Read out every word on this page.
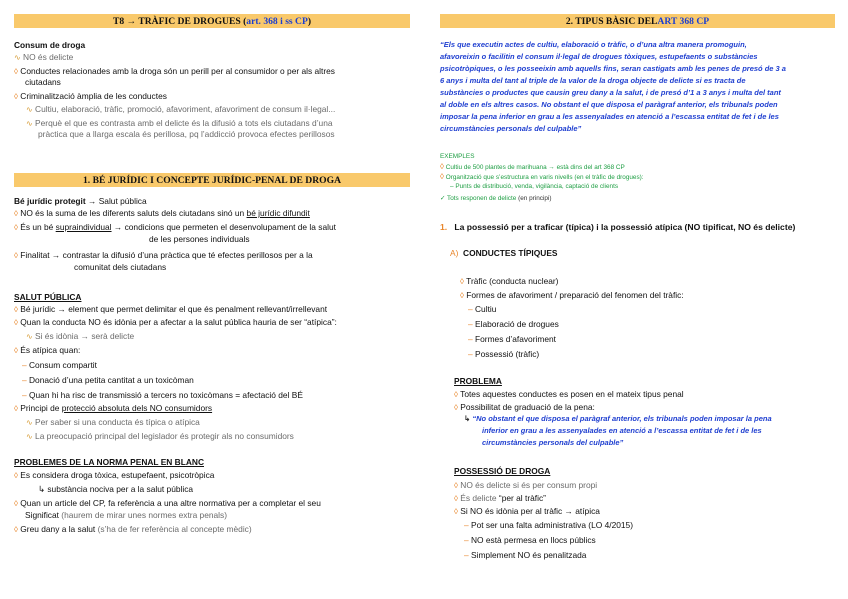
T8 → TRÀFIC DE DROGUES ( art. 368 i ss CP )
Consum de droga
∿ NO és delicte
◊ Conductes relacionades amb la droga són un perill per al consumidor o per als altres
ciutadans
◊ Criminalització àmplia de les conductes
∿ Cultiu, elaboració, tràfic, promoció, afavoriment, afavoriment de consum il·legal...
∿ Perquè el que es contrasta amb el delicte és la difusió a tots els ciutadans d’una
pràctica que a llarga escala és perillosa, pq l’addicció provoca efectes perillosos
1. BÉ JURÍDIC I CONCEPTE JURÍDIC-PENAL DE DROGA
Bé jurídic protegit → Salut pública
◊ NO és la suma de les diferents saluts dels ciutadans sinó un bé jurídic difundit
◊ És un bé supraindividual → condicions que permeten el desenvolupament de la salut
de les persones individuals
◊ Finalitat → contrastar la difusió d’una pràctica que té efectes perillosos per a la
comunitat dels ciutadans
SALUT PÚBLICA
◊ Bé jurídic → element que permet delimitar el que és penalment rellevant/irrellevant
◊ Quan la conducta NO és idònia per a afectar a la salut pública hauria de ser “atípica”:
∿ Si és idònia → serà delicte
◊ És atípica quan:
– Consum compartit
– Donació d’una petita cantitat a un toxicòman
– Quan hi ha risc de transmissió a tercers no toxicòmans = afectació del BÉ
◊ Principi de protecció absoluta dels NO consumidors
∿ Per saber si una conducta és típica o atípica
∿ La preocupació principal del legislador és protegir als no consumidors
PROBLEMES DE LA NORMA PENAL EN BLANC
◊ Es considera droga tòxica, estupefaent, psicotròpica
↳ substància nociva per a la salut pública
◊ Quan un article del CP, fa referència a una altre normativa per a completar el seu
Significat (haurem de mirar unes normes extra penals)
◊ Greu dany a la salut (s’ha de fer referència al concepte mèdic)
2. TIPUS BÀSIC DEL ART 368 CP
“Els que executin actes de cultiu, elaboració o tràfic, o d’una altra manera promoguin,
afavoreixin o facilitin el consum il·legal de drogues tòxiques, estupefaents o substàncies
psicotròpiques, o les posseeixin amb aquells fins, seran castigats amb les penes de presó de 3 a
6 anys i multa del tant al triple de la valor de la droga objecte de delicte si es tracta de
substàncies o productes que causin greu dany a la salut, i de presó d’1 a 3 anys i multa del tant
al doble en els altres casos. No obstant el que disposa el paràgraf anterior, els tribunals poden
imposar la pena inferior en grau a les assenyalades en atenció a l’escassa entitat de fet i de les
circumstàncies personals del culpable”
EXEMPLES
◊ Cultiu de 500 plantes de marihuana → està dins del art 368 CP
◊ Organització que s’estructura en varis nivells (en el tràfic de drogues):
– Punts de distribució, venda, vigilància, captació de clients
✓ Tots responen de delicte (en principi)
1. La possessió per a traficar (típica) i la possessió atípica (NO tipificat, NO és delicte)
A) CONDUCTES TÍPIQUES
◊ Tràfic (conducta nuclear)
◊ Formes de afavoriment / preparació del fenomen del tràfic:
– Cultiu
– Elaboració de drogues
– Formes d’afavoriment
– Possessió (tràfic)
PROBLEMA
◊ Totes aquestes conductes es posen en el mateix tipus penal
◊ Possibilitat de graduació de la pena:
↳ “No obstant el que disposa el paràgraf anterior, els tribunals poden imposar la pena
inferior en grau a les assenyalades en atenció a l’escassa entitat de fet i de les
circumstàncies personals del culpable”
POSSESSIÓ DE DROGA
◊ NO és delicte si és per consum propi
◊ És delicte “per al tràfic”
◊ Si NO és idònia per al tràfic → atípica
– Pot ser una falta administrativa (LO 4/2015)
– NO està permesa en llocs públics
– Simplement NO és penalitzada
